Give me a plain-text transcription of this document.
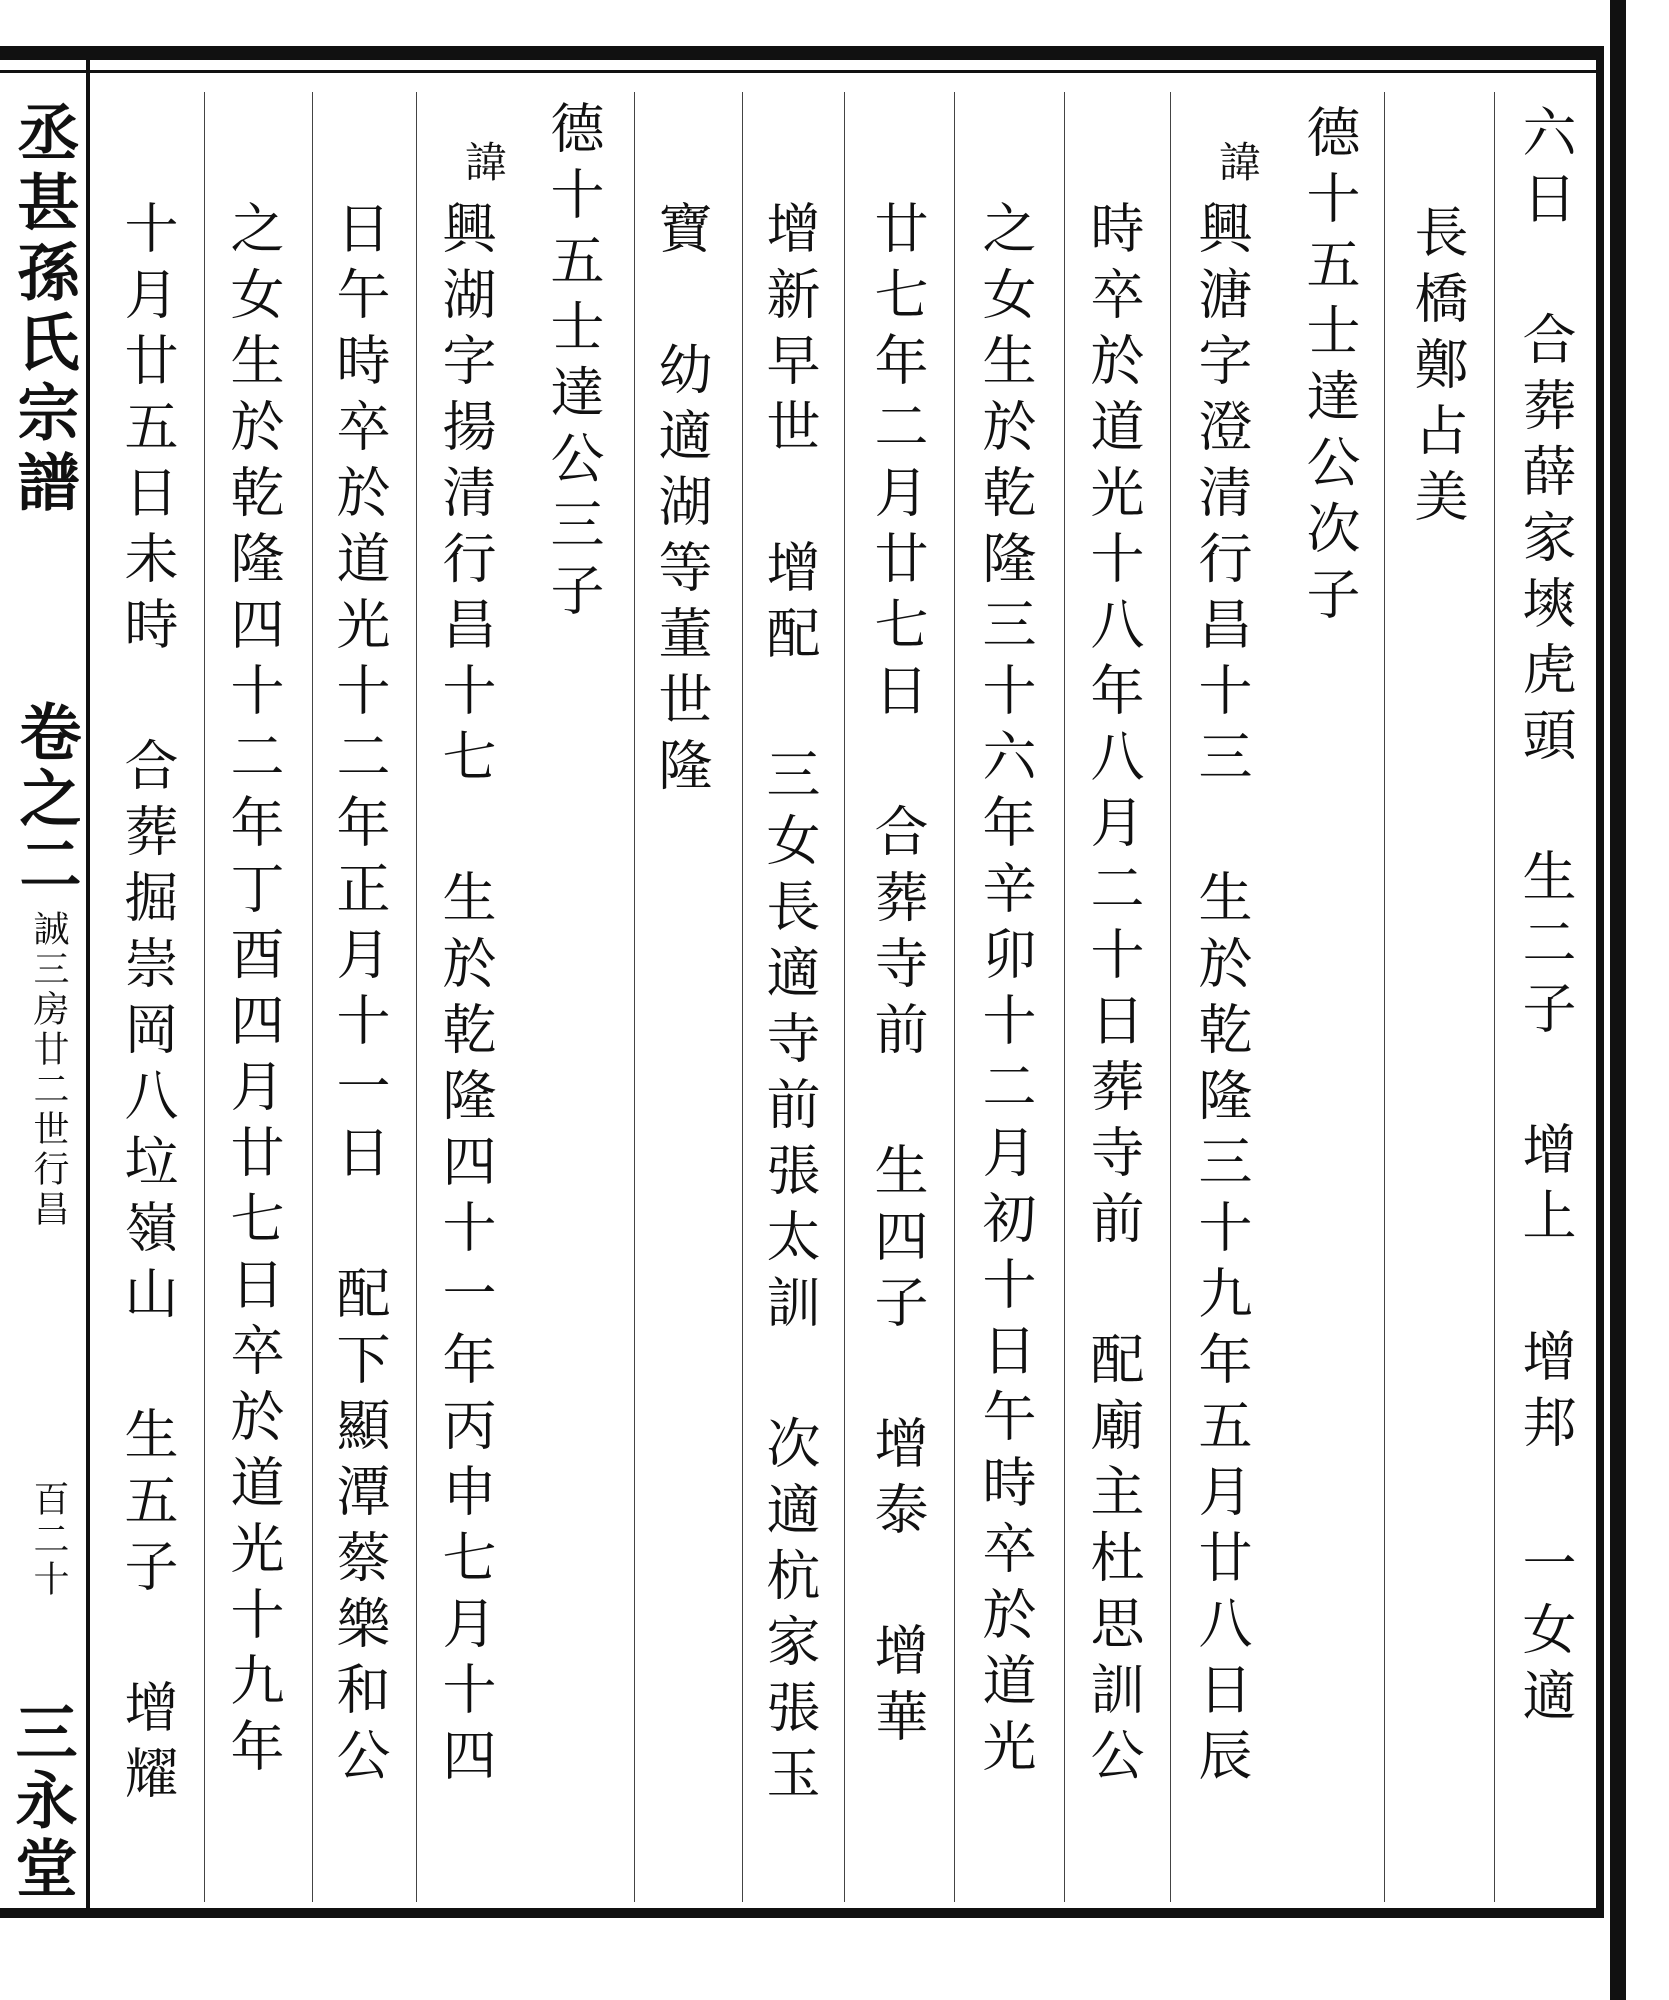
丞甚孫氏宗譜
卷之二
誠三房廿二世行昌
百二十
三永堂
六日 合葬薛家塽虎頭 生二子 增上 增邦 一女適
長橋鄭占美
德十五士達公次子
諱
興溏字澄清行昌十三 生於乾隆三十九年五月廿八日辰
時卒於道光十八年八月二十日葬寺前 配廟主杜思訓公
之女生於乾隆三十六年辛卯十二月初十日午時卒於道光
廿七年二月廿七日 合葬寺前 生四子 增泰 增華
增新早世 增配 三女長適寺前張太訓 次適杭家張玉
寶 幼適湖等董世隆
德十五士達公三子
諱
興湖字揚清行昌十七 生於乾隆四十一年丙申七月十四
日午時卒於道光十二年正月十一日 配下顯潭蔡樂和公
之女生於乾隆四十二年丁酉四月廿七日卒於道光十九年
十月廿五日未時 合葬掘崇岡八垃嶺山 生五子 增耀
